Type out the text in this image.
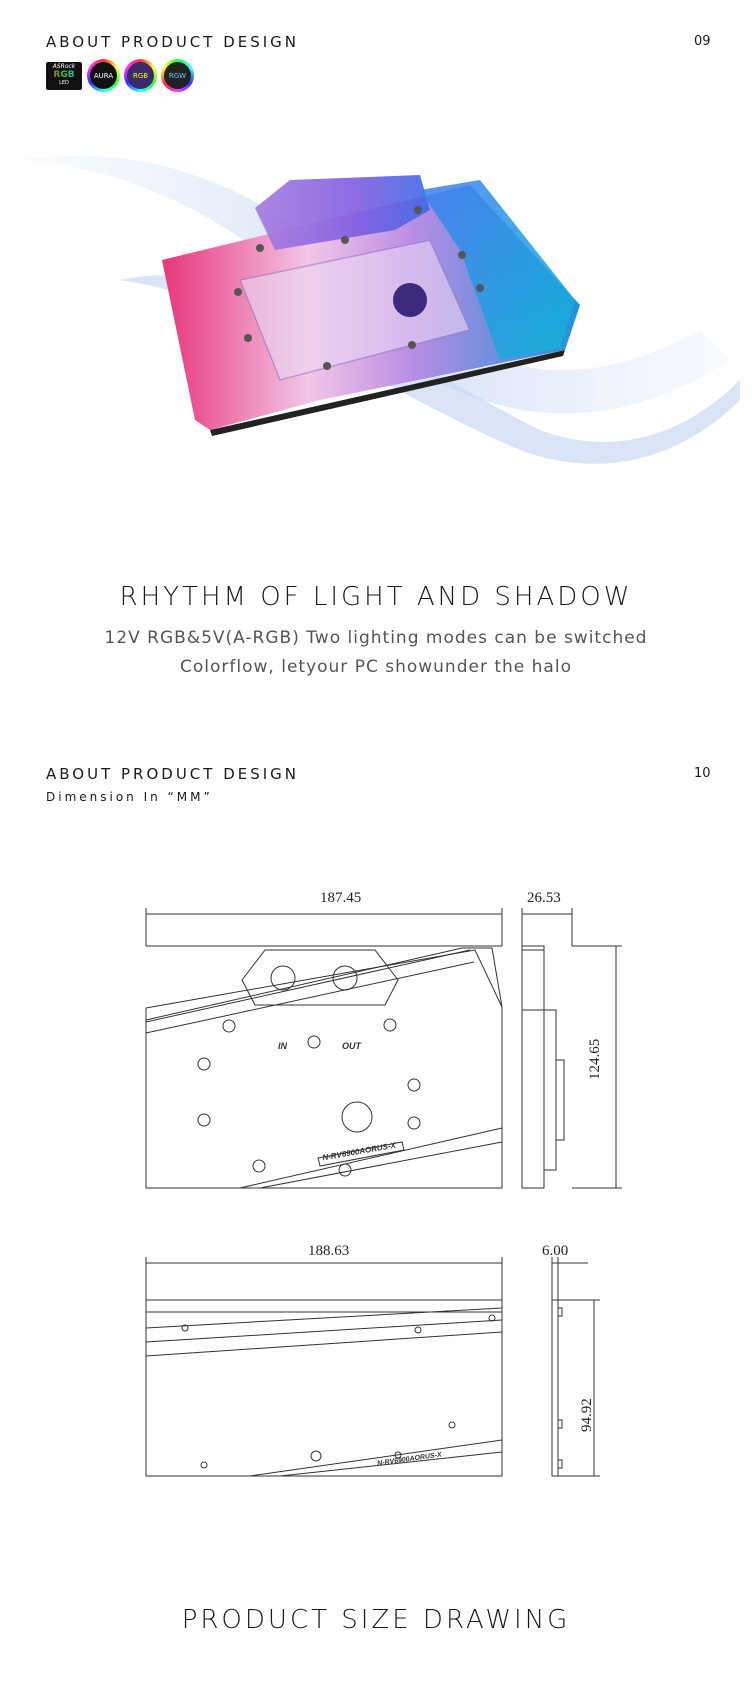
ABOUT PRODUCT DESIGN	09
ASRock
RGB
LED
AURA	RGB	RGW
RHYTHM OF LIGHT AND SHADOW
12V RGB&5V(A-RGB) Two lighting modes can be switched
Colorflow, letyour PC showunder the halo
ABOUT PRODUCT DESIGN	10
Dimension In “MM”
187.45	26.53
124.65
188.63	6.00
94.92
IN	OUT
N-RV6900AORUS-X
N-RV6900AORUS-X
PRODUCT SIZE DRAWING
